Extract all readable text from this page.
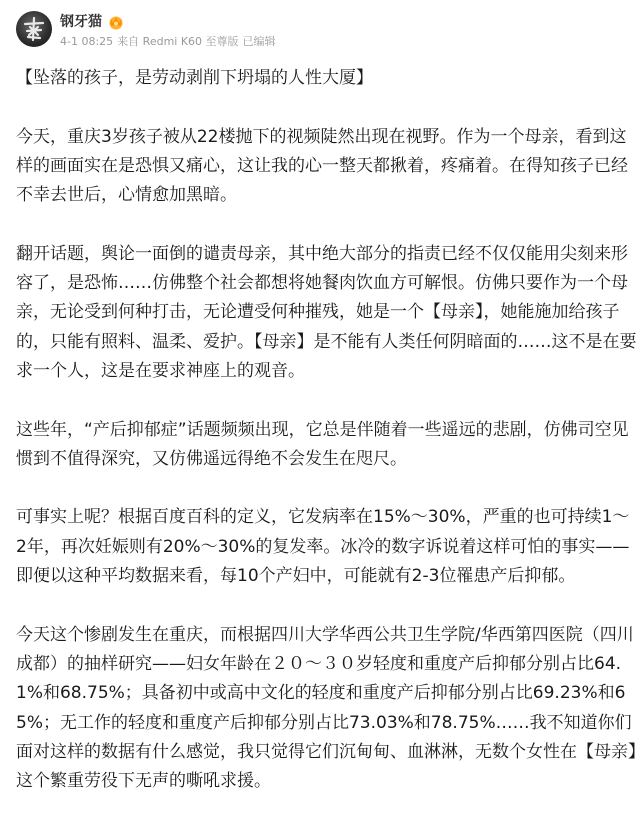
钢牙猫
4-1 08:25 来自 Redmi K60 至尊版 已编辑

【坠落的孩子，是劳动剥削下坍塌的人性大厦】

今天，重庆3岁孩子被从22楼抛下的视频陡然出现在视野。作为一个母亲，看到这样的画面实在是恐惧又痛心，这让我的心一整天都揪着，疼痛着。在得知孩子已经不幸去世后，心情愈加黑暗。

翻开话题，舆论一面倒的谴责母亲，其中绝大部分的指责已经不仅仅能用尖刻来形容了，是恐怖……仿佛整个社会都想将她餐肉饮血方可解恨。仿佛只要作为一个母亲，无论受到何种打击，无论遭受何种摧残，她是一个【母亲】，她能施加给孩子的，只能有照料、温柔、爱护。【母亲】是不能有人类任何阴暗面的……这不是在要求一个人，这是在要求神座上的观音。

这些年，“产后抑郁症”话题频频出现，它总是伴随着一些遥远的悲剧，仿佛司空见惯到不值得深究，又仿佛遥远得绝不会发生在咫尺。

可事实上呢？根据百度百科的定义，它发病率在15%～30%，严重的也可持续1～2年，再次妊娠则有20%～30%的复发率。冰冷的数字诉说着这样可怕的事实——即便以这种平均数据来看，每10个产妇中，可能就有2-3位罹患产后抑郁。

今天这个惨剧发生在重庆，而根据四川大学华西公共卫生学院/华西第四医院（四川成都）的抽样研究——妇女年龄在２０～３０岁轻度和重度产后抑郁分别占比64.1%和68.75%；具备初中或高中文化的轻度和重度产后抑郁分别占比69.23%和65%；无工作的轻度和重度产后抑郁分别占比73.03%和78.75%……我不知道你们面对这样的数据有什么感觉，我只觉得它们沉甸甸、血淋淋，无数个女性在【母亲】这个繁重劳役下无声的嘶吼求援。
